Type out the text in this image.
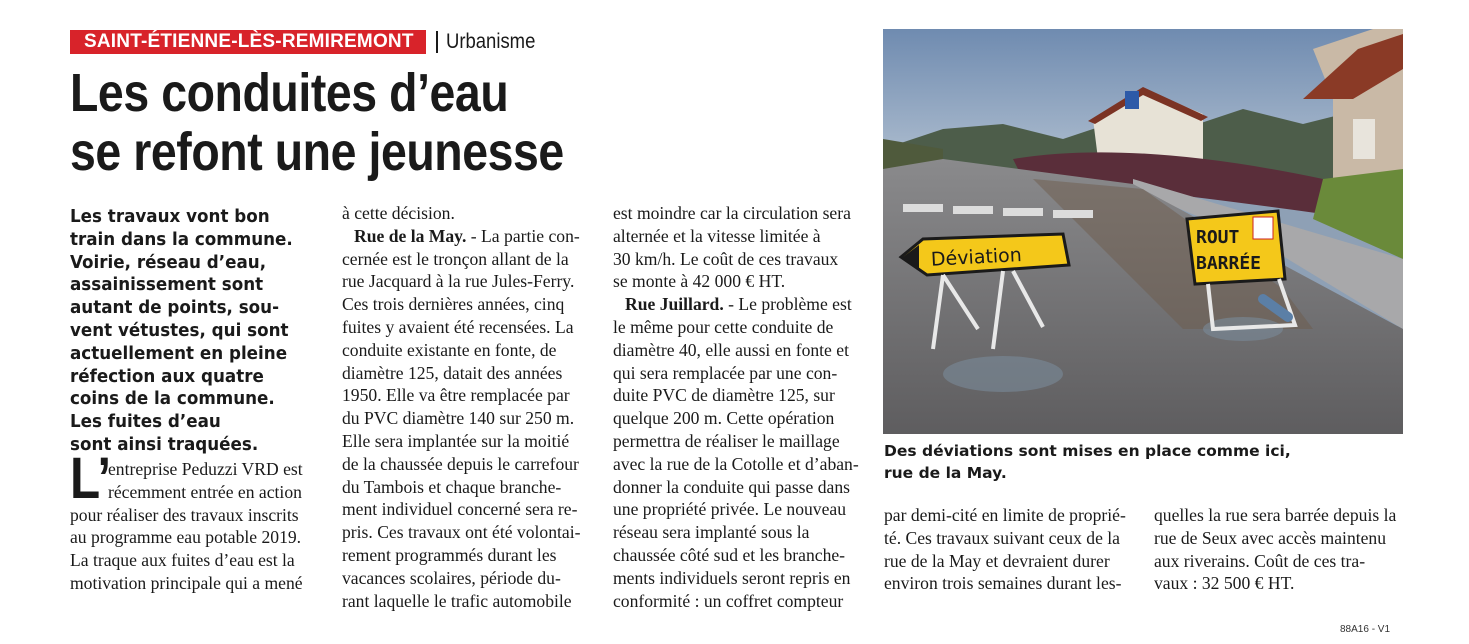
SAINT-ÉTIENNE-LÈS-REMIREMONT	Urbanisme
Les conduites d’eau
se refont une jeunesse
Les travaux vont bon
train dans la commune.
Voirie, réseau d’eau,
assainissement sont
autant de points, sou-
vent vétustes, qui sont
actuellement en pleine
réfection aux quatre
coins de la commune.
Les fuites d’eau
sont ainsi traquées.
L’
entreprise Peduzzi VRD est
récemment entrée en action
pour réaliser des travaux inscrits
au programme eau potable 2019.
La traque aux fuites d’eau est la
motivation principale qui a mené
à cette décision.
Rue de la May. - La partie con-
cernée est le tronçon allant de la
rue Jacquard à la rue Jules-Ferry.
Ces trois dernières années, cinq
fuites y avaient été recensées. La
conduite existante en fonte, de
diamètre 125, datait des années
1950. Elle va être remplacée par
du PVC diamètre 140 sur 250 m.
Elle sera implantée sur la moitié
de la chaussée depuis le carrefour
du Tambois et chaque branche-
ment individuel concerné sera re-
pris. Ces travaux ont été volontai-
rement programmés durant les
vacances scolaires, période du-
rant laquelle le trafic automobile
est moindre car la circulation sera
alternée et la vitesse limitée à
30 km/h. Le coût de ces travaux
se monte à 42 000 € HT.
Rue Juillard. - Le problème est
le même pour cette conduite de
diamètre 40, elle aussi en fonte et
qui sera remplacée par une con-
duite PVC de diamètre 125, sur
quelque 200 m. Cette opération
permettra de réaliser le maillage
avec la rue de la Cotolle et d’aban-
donner la conduite qui passe dans
une propriété privée. Le nouveau
réseau sera implanté sous la
chaussée côté sud et les branche-
ments individuels seront repris en
conformité : un coffret compteur
Déviation
ROUT
BARRÉE
Des déviations sont mises en place comme ici,
rue de la May.
par demi-cité en limite de proprié-
té. Ces travaux suivant ceux de la
rue de la May et devraient durer
environ trois semaines durant les-
quelles la rue sera barrée depuis la
rue de Seux avec accès maintenu
aux riverains. Coût de ces tra-
vaux : 32 500 € HT.
88A16 - V1
